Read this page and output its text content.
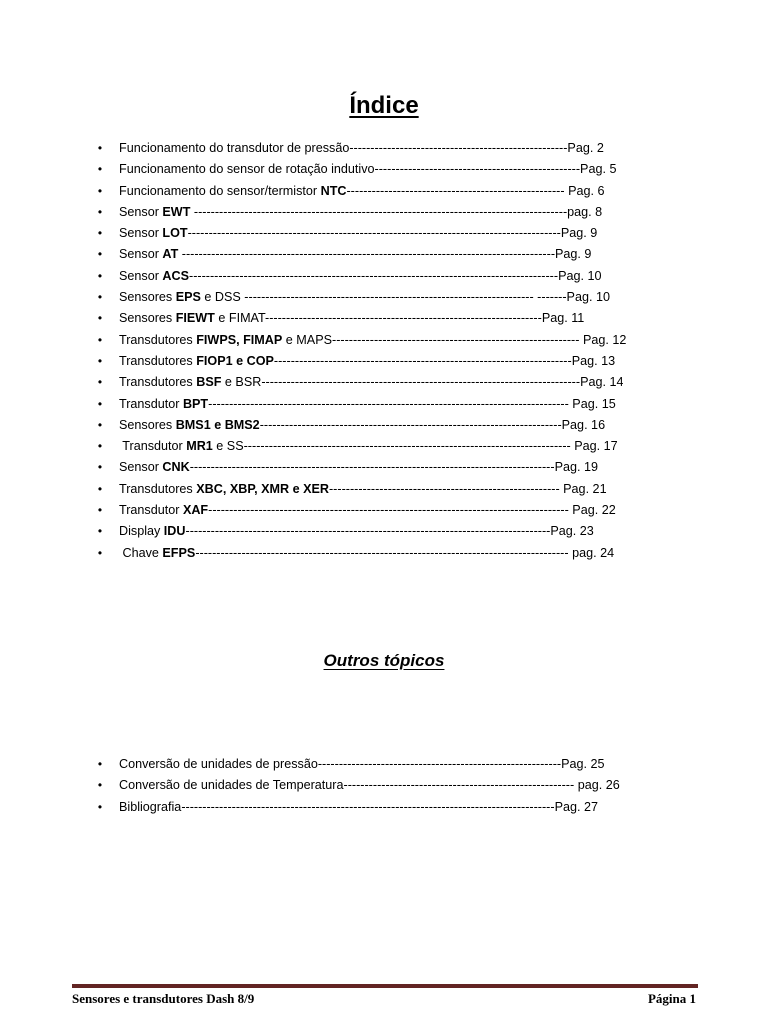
Índice
• Funcionamento do transdutor de pressão----------------------------------------------------Pag. 2
• Funcionamento do sensor de rotação indutivo-------------------------------------------------Pag. 5
• Funcionamento do sensor/termistor NTC---------------------------------------------------- Pag. 6
• Sensor EWT -----------------------------------------------------------------------------------------pag. 8
• Sensor LOT-----------------------------------------------------------------------------------------Pag. 9
• Sensor AT -----------------------------------------------------------------------------------------Pag. 9
• Sensor ACS----------------------------------------------------------------------------------------Pag. 10
• Sensores EPS e DSS --------------------------------------------------------------------- -------Pag. 10
• Sensores FIEWT e FIMAT------------------------------------------------------------------Pag. 11
• Transdutores FIWPS, FIMAP e MAPS----------------------------------------------------------- Pag. 12
• Transdutores FIOP1 e COP-----------------------------------------------------------------------Pag. 13
• Transdutores BSF e BSR----------------------------------------------------------------------------Pag. 14
• Transdutor BPT-------------------------------------------------------------------------------------- Pag. 15
• Sensores BMS1 e BMS2------------------------------------------------------------------------Pag. 16
• Transdutor MR1 e SS------------------------------------------------------------------------------ Pag. 17
• Sensor CNK---------------------------------------------------------------------------------------Pag. 19
• Transdutores XBC, XBP, XMR e XER------------------------------------------------------- Pag. 21
• Transdutor XAF-------------------------------------------------------------------------------------- Pag. 22
• Display IDU---------------------------------------------------------------------------------------Pag. 23
• Chave EFPS----------------------------------------------------------------------------------------- pag. 24
Outros tópicos
• Conversão de unidades de pressão----------------------------------------------------------Pag. 25
• Conversão de unidades de Temperatura------------------------------------------------------- pag. 26
• Bibliografia-----------------------------------------------------------------------------------------Pag. 27
Sensores e transdutores Dash 8/9	Página 1
